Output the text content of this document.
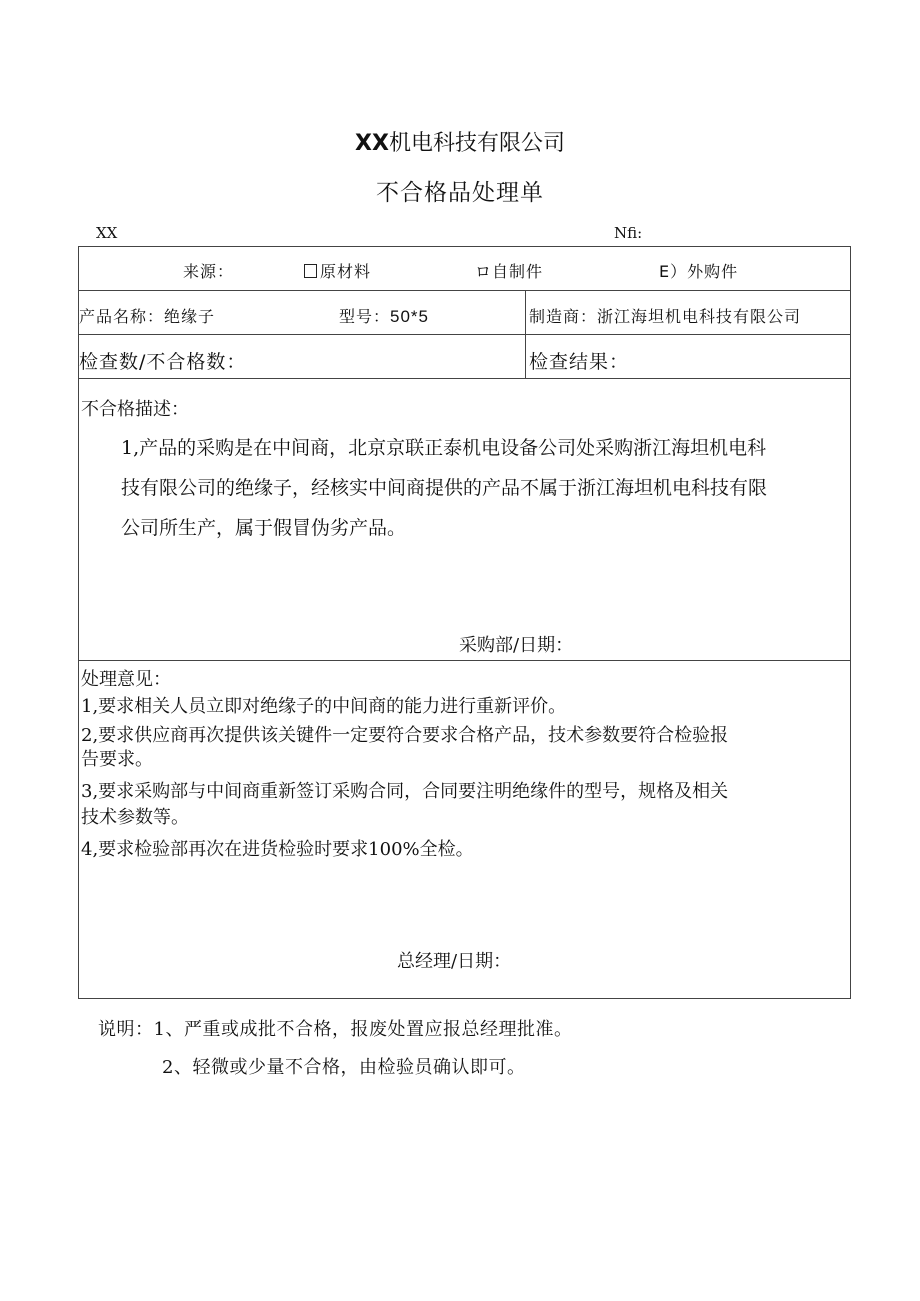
XX机电科技有限公司
不合格品处理单
XX	Nfi:
来源：	原材料	ロ自制件	E）外购件
产品名称：绝缘子	型号：50*5	制造商：浙江海坦机电科技有限公司
检查数/不合格数：	检查结果：
不合格描述：
1,产品的采购是在中间商，北京京联正泰机电设备公司处采购浙江海坦机电科
技有限公司的绝缘子，经核实中间商提供的产品不属于浙江海坦机电科技有限
公司所生产，属于假冒伪劣产品。
采购部/日期：
处理意见：
1,要求相关人员立即对绝缘子的中间商的能力进行重新评价。
2,要求供应商再次提供该关键件一定要符合要求合格产品，技术参数要符合检验报
告要求。
3,要求采购部与中间商重新签订采购合同，合同要注明绝缘件的型号，规格及相关
技术参数等。
4,要求检验部再次在进货检验时要求100%全检。
总经理/日期：
说明：1、严重或成批不合格，报废处置应报总经理批准。
2、轻微或少量不合格，由检验员确认即可。
